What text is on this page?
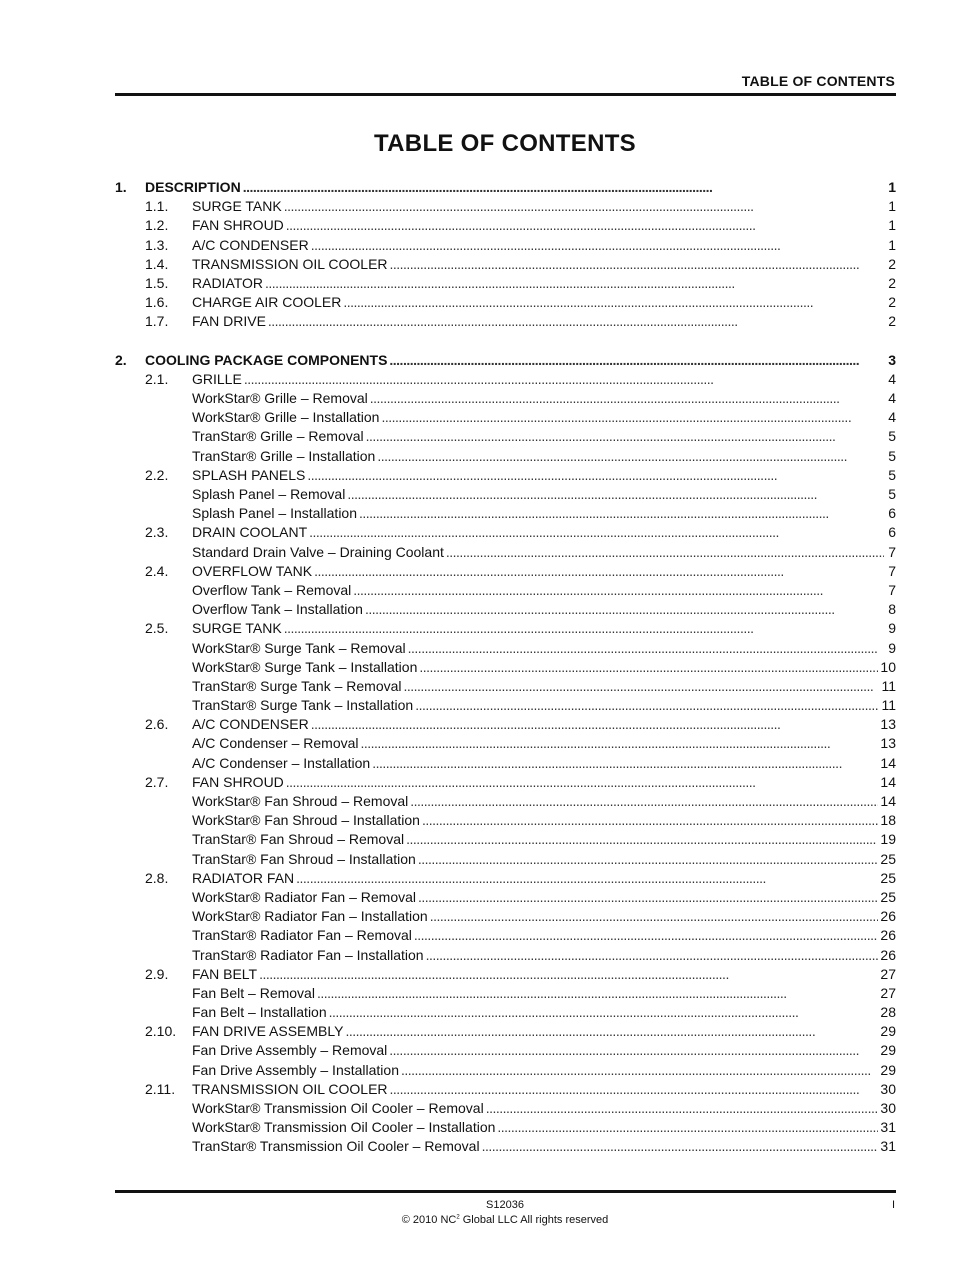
TABLE OF CONTENTS
TABLE OF CONTENTS
1.	DESCRIPTION . . .	1
1.1.	SURGE TANK . . .	1
1.2.	FAN SHROUD . . .	1
1.3.	A/C CONDENSER . . .	1
1.4.	TRANSMISSION OIL COOLER . . .	2
1.5.	RADIATOR . . .	2
1.6.	CHARGE AIR COOLER . . .	2
1.7.	FAN DRIVE . . .	2
2.	COOLING PACKAGE COMPONENTS . . .	3
2.1.	GRILLE . . .	4
WorkStar® Grille – Removal . . .	4
WorkStar® Grille – Installation . . .	4
TranStar® Grille – Removal . . .	5
TranStar® Grille – Installation . . .	5
2.2.	SPLASH PANELS . . .	5
Splash Panel – Removal . . .	5
Splash Panel – Installation . . .	6
2.3.	DRAIN COOLANT . . .	6
Standard Drain Valve – Draining Coolant . . .	7
2.4.	OVERFLOW TANK . . .	7
Overflow Tank – Removal . . .	7
Overflow Tank – Installation . . .	8
2.5.	SURGE TANK . . .	9
WorkStar® Surge Tank – Removal . . .	9
WorkStar® Surge Tank – Installation . . .	10
TranStar® Surge Tank – Removal . . .	11
TranStar® Surge Tank – Installation . . .	11
2.6.	A/C CONDENSER . . .	13
A/C Condenser – Removal . . .	13
A/C Condenser – Installation . . .	14
2.7.	FAN SHROUD . . .	14
WorkStar® Fan Shroud – Removal . . .	14
WorkStar® Fan Shroud – Installation . . .	18
TranStar® Fan Shroud – Removal . . .	19
TranStar® Fan Shroud – Installation . . .	25
2.8.	RADIATOR FAN . . .	25
WorkStar® Radiator Fan – Removal . . .	25
WorkStar® Radiator Fan – Installation . . .	26
TranStar® Radiator Fan – Removal . . .	26
TranStar® Radiator Fan – Installation . . .	26
2.9.	FAN BELT . . .	27
Fan Belt – Removal . . .	27
Fan Belt – Installation . . .	28
2.10.	FAN DRIVE ASSEMBLY . . .	29
Fan Drive Assembly – Removal . . .	29
Fan Drive Assembly – Installation . . .	29
2.11.	TRANSMISSION OIL COOLER . . .	30
WorkStar® Transmission Oil Cooler – Removal . . .	30
WorkStar® Transmission Oil Cooler – Installation . . .	31
TranStar® Transmission Oil Cooler – Removal . . .	31
S12036
© 2010 $NC^2$ Global LLC All rights reserved
I
